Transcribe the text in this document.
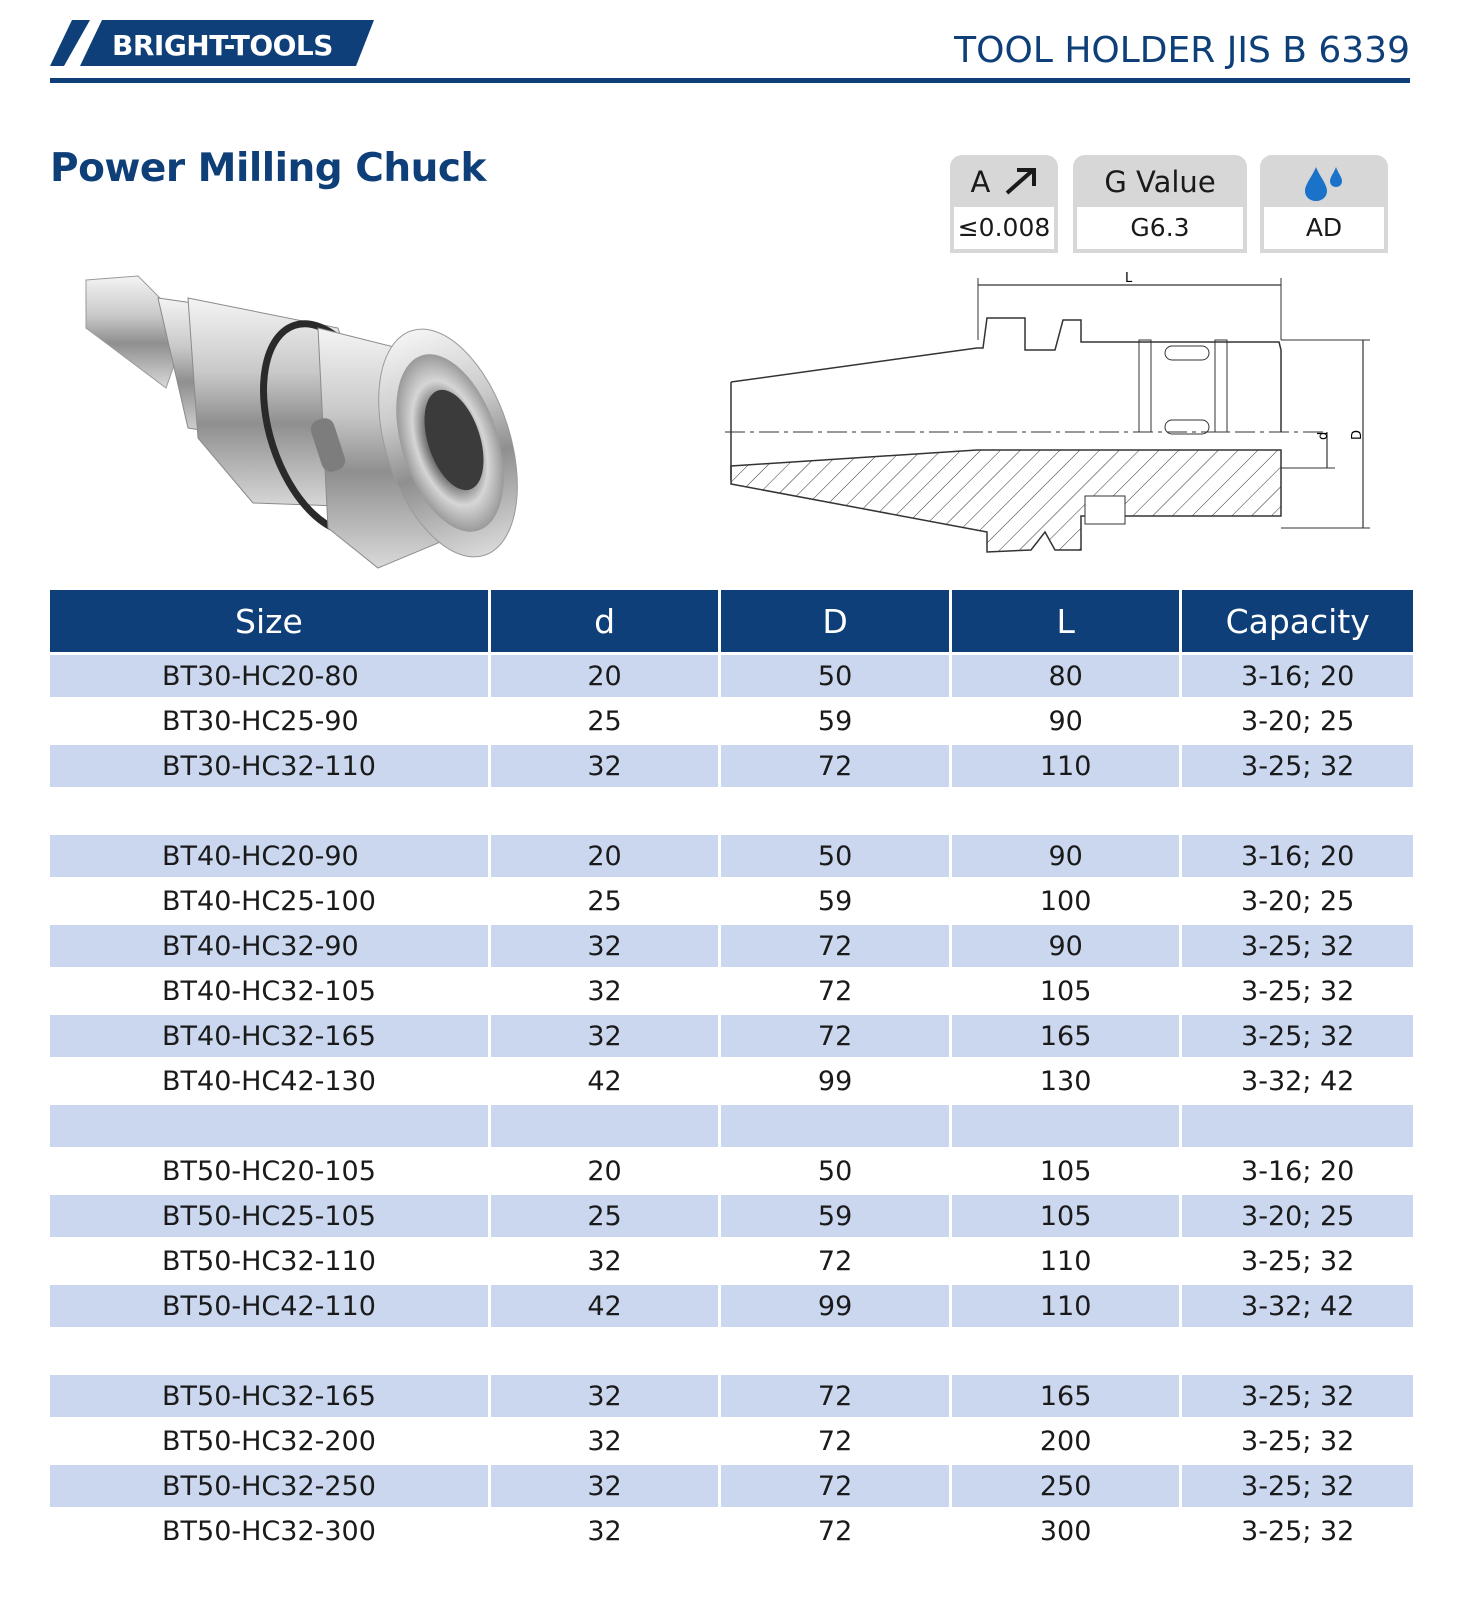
BRIGHT-TOOLS	TOOL HOLDER JIS B 6339
Power Milling Chuck	A
≤0.008
G Value
G6.3	AD
L
d D
Size	d	D	L	Capacity
BT30-HC20-80	20	50	80	3-16; 20
BT30-HC25-90	25	59	90	3-20; 25
BT30-HC32-110	32	72	110	3-25; 32

BT40-HC20-90	20	50	90	3-16; 20
BT40-HC25-100	25	59	100	3-20; 25
BT40-HC32-90	32	72	90	3-25; 32
BT40-HC32-105	32	72	105	3-25; 32
BT40-HC32-165	32	72	165	3-25; 32
BT40-HC42-130	42	99	130	3-32; 42

BT50-HC20-105	20	50	105	3-16; 20
BT50-HC25-105	25	59	105	3-20; 25
BT50-HC32-110	32	72	110	3-25; 32
BT50-HC42-110	42	99	110	3-32; 42

BT50-HC32-165	32	72	165	3-25; 32
BT50-HC32-200	32	72	200	3-25; 32
BT50-HC32-250	32	72	250	3-25; 32
BT50-HC32-300	32	72	300	3-25; 32
